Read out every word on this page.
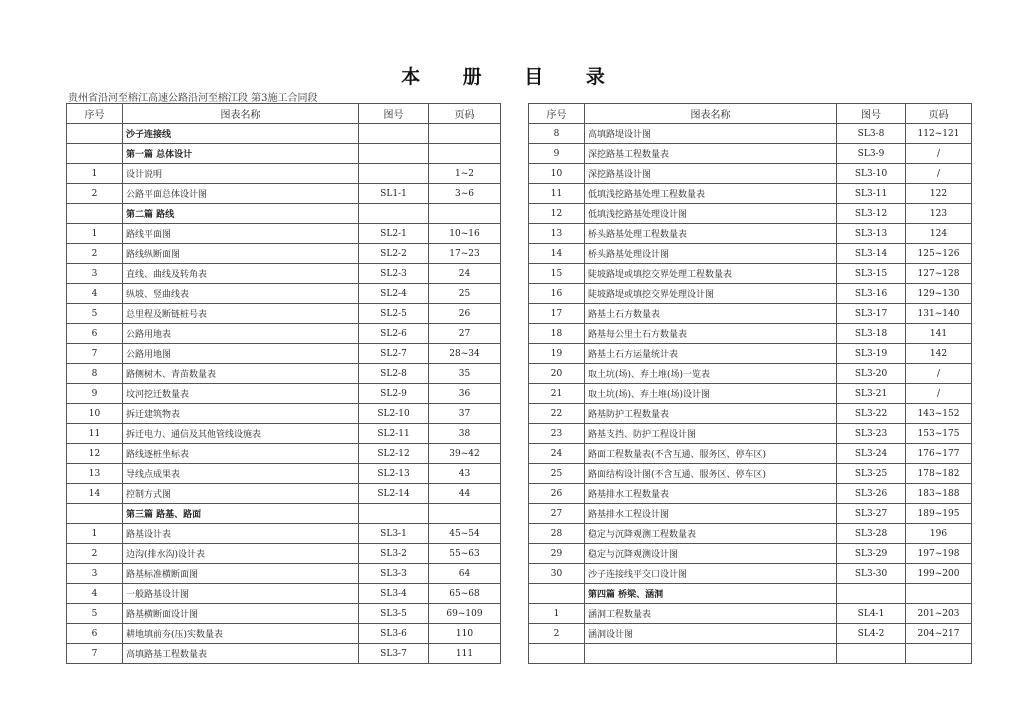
本 册 目 录
贵州省沿河至榕江高速公路沿河至榕江段 第3施工合同段
序号	图表名称	图号	页码
	沙子连接线		
	第一篇 总体设计		
1	设计说明		1~2
2	公路平面总体设计图	SL1-1	3~6
	第二篇 路线		
1	路线平面图	SL2-1	10~16
2	路线纵断面图	SL2-2	17~23
3	直线、曲线及转角表	SL2-3	24
4	纵坡、竖曲线表	SL2-4	25
5	总里程及断链桩号表	SL2-5	26
6	公路用地表	SL2-6	27
7	公路用地图	SL2-7	28~34
8	路侧树木、青苗数量表	SL2-8	35
9	坟河挖迁数量表	SL2-9	36
10	拆迁建筑物表	SL2-10	37
11	拆迁电力、通信及其他管线设施表	SL2-11	38
12	路线逐桩坐标表	SL2-12	39~42
13	导线点成果表	SL2-13	43
14	控制方式图	SL2-14	44
	第三篇 路基、路面		
1	路基设计表	SL3-1	45~54
2	边沟(排水沟)设计表	SL3-2	55~63
3	路基标准横断面图	SL3-3	64
4	一般路基设计图	SL3-4	65~68
5	路基横断面设计图	SL3-5	69~109
6	耕地填前夯(压)实数量表	SL3-6	110
7	高填路基工程数量表	SL3-7	111
序号	图表名称	图号	页码
8	高填路堤设计图	SL3-8	112~121
9	深挖路基工程数量表	SL3-9	/
10	深挖路基设计图	SL3-10	/
11	低填浅挖路基处理工程数量表	SL3-11	122
12	低填浅挖路基处理设计图	SL3-12	123
13	桥头路基处理工程数量表	SL3-13	124
14	桥头路基处理设计图	SL3-14	125~126
15	陡坡路堤或填挖交界处理工程数量表	SL3-15	127~128
16	陡坡路堤或填挖交界处理设计图	SL3-16	129~130
17	路基土石方数量表	SL3-17	131~140
18	路基每公里土石方数量表	SL3-18	141
19	路基土石方运量统计表	SL3-19	142
20	取土坑(场)、弃土堆(场)一览表	SL3-20	/
21	取土坑(场)、弃土堆(场)设计图	SL3-21	/
22	路基防护工程数量表	SL3-22	143~152
23	路基支挡、防护工程设计图	SL3-23	153~175
24	路面工程数量表(不含互通、服务区、停车区)	SL3-24	176~177
25	路面结构设计图(不含互通、服务区、停车区)	SL3-25	178~182
26	路基排水工程数量表	SL3-26	183~188
27	路基排水工程设计图	SL3-27	189~195
28	稳定与沉降观测工程数量表	SL3-28	196
29	稳定与沉降观测设计图	SL3-29	197~198
30	沙子连接线平交口设计图	SL3-30	199~200
	第四篇 桥梁、涵洞		
1	涵洞工程数量表	SL4-1	201~203
2	涵洞设计图	SL4-2	204~217
